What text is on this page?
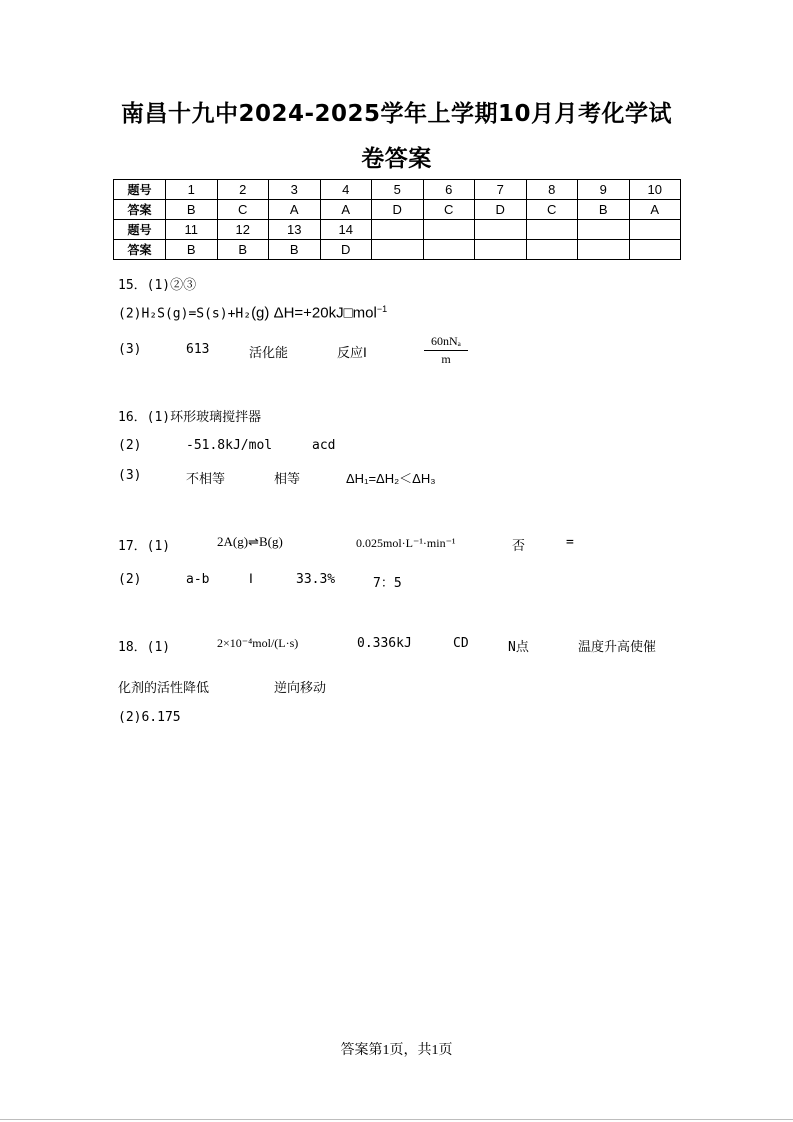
南昌十九中2024-2025学年上学期10月月考化学试
卷答案
题号	1	2	3	4	5	6	7	8	9	10
答案	B	C	A	A	D	C	D	C	B	A
题号	11	12	13	14						
答案	B	B	B	D						
15．(1)②③
(2)H₂S(g)=S(s)+H₂(g) ΔH=+20kJ□mol$^{-1}$
(3)	613	活化能	反应Ⅰ
60nNₐ
m
16．(1)环形玻璃搅拌器
(2)	-51.8kJ/mol	acd
(3)	不相等	相等	ΔH₁=ΔH₂＜ΔH₃
17．(1)	2A(g)⇌B(g)	0.025mol·L⁻¹·min⁻¹	否	=
(2)	a-b	Ⅰ	33.3%	7：5
18．(1)	2×10⁻⁴mol/(L·s)	0.336kJ	CD	N点	温度升高使催
化剂的活性降低	逆向移动
(2)6.175
答案第1页，共1页
